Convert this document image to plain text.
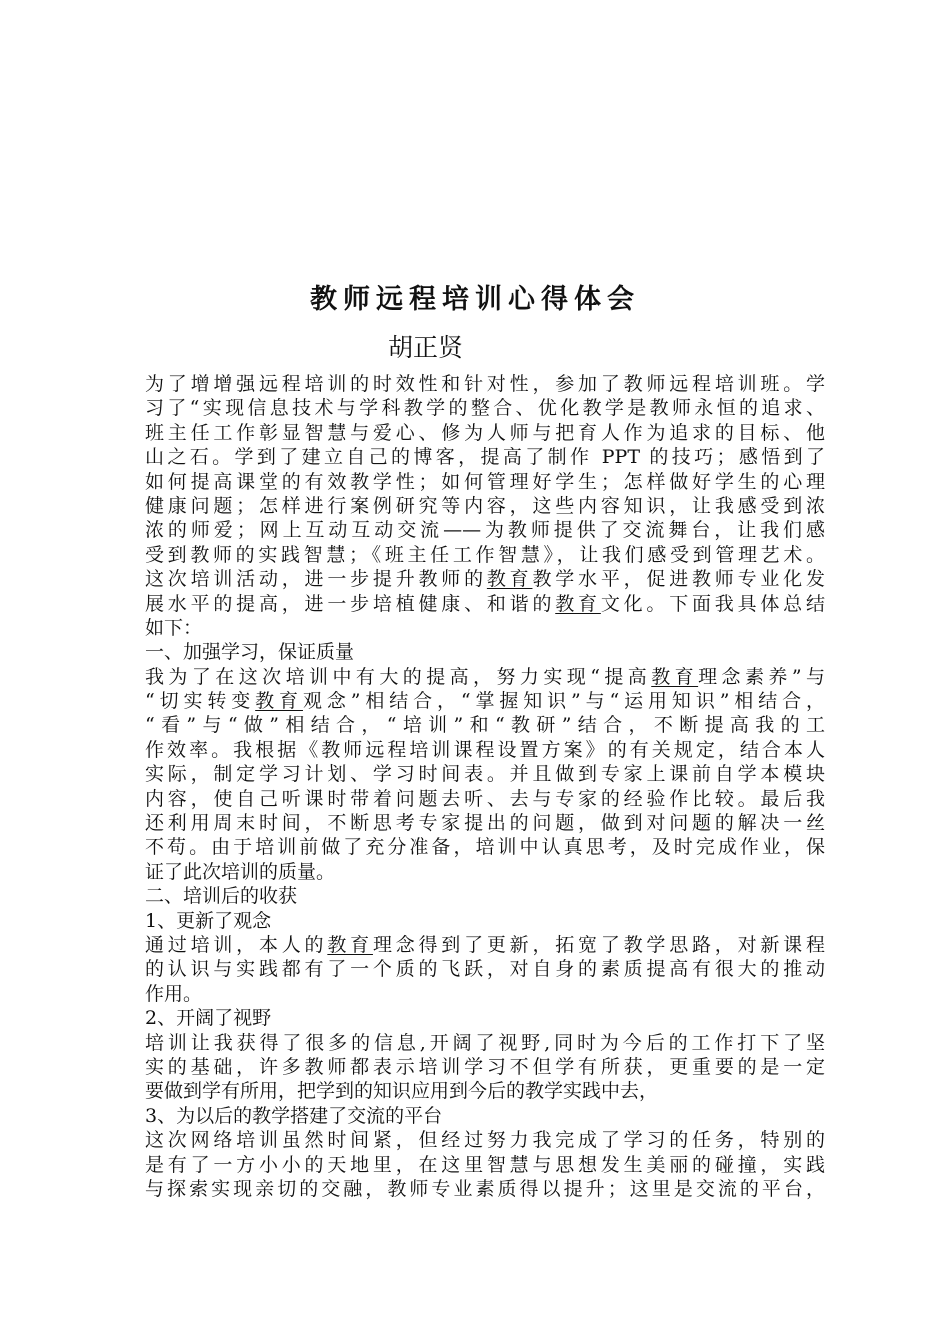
教师远程培训心得体会
胡正贤
为了增增强远程培训的时效性和针对性，参加了教师远程培训班。学
习了“实现信息技术与学科教学的整合、优化教学是教师永恒的追求、
班主任工作彰显智慧与爱心、修为人师与把育人作为追求的目标、他
山之石。学到了建立自己的博客，提高了制作 PPT 的技巧；感悟到了
如何提高课堂的有效教学性；如何管理好学生；怎样做好学生的心理
健康问题；怎样进行案例研究等内容，这些内容知识，让我感受到浓
浓的师爱；网上互动互动交流——为教师提供了交流舞台，让我们感
受到教师的实践智慧；《班主任工作智慧》，让我们感受到管理艺术。
这次培训活动，进一步提升教师的教育教学水平，促进教师专业化发
展水平的提高，进一步培植健康、和谐的教育文化。下面我具体总结
如下：
一、加强学习，保证质量
我为了在这次培训中有大的提高，努力实现“提高教育理念素养”与
“切实转变教育观念”相结合，“掌握知识”与“运用知识”相结合，
“看”与“做”相结合，“培训”和“教研”结合，不断提高我的工
作效率。我根据《教师远程培训课程设置方案》的有关规定，结合本人
实际，制定学习计划、学习时间表。并且做到专家上课前自学本模块
内容，使自己听课时带着问题去听、去与专家的经验作比较。最后我
还利用周末时间，不断思考专家提出的问题，做到对问题的解决一丝
不苟。由于培训前做了充分准备，培训中认真思考，及时完成作业，保
证了此次培训的质量。
二、培训后的收获
1、更新了观念
通过培训，本人的教育理念得到了更新，拓宽了教学思路，对新课程
的认识与实践都有了一个质的飞跃，对自身的素质提高有很大的推动
作用。
2、开阔了视野
培训让我获得了很多的信息,开阔了视野,同时为今后的工作打下了坚
实的基础，许多教师都表示培训学习不但学有所获，更重要的是一定
要做到学有所用，把学到的知识应用到今后的教学实践中去，
3、为以后的教学搭建了交流的平台
这次网络培训虽然时间紧，但经过努力我完成了学习的任务，特别的
是有了一方小小的天地里，在这里智慧与思想发生美丽的碰撞，实践
与探索实现亲切的交融，教师专业素质得以提升；这里是交流的平台，
